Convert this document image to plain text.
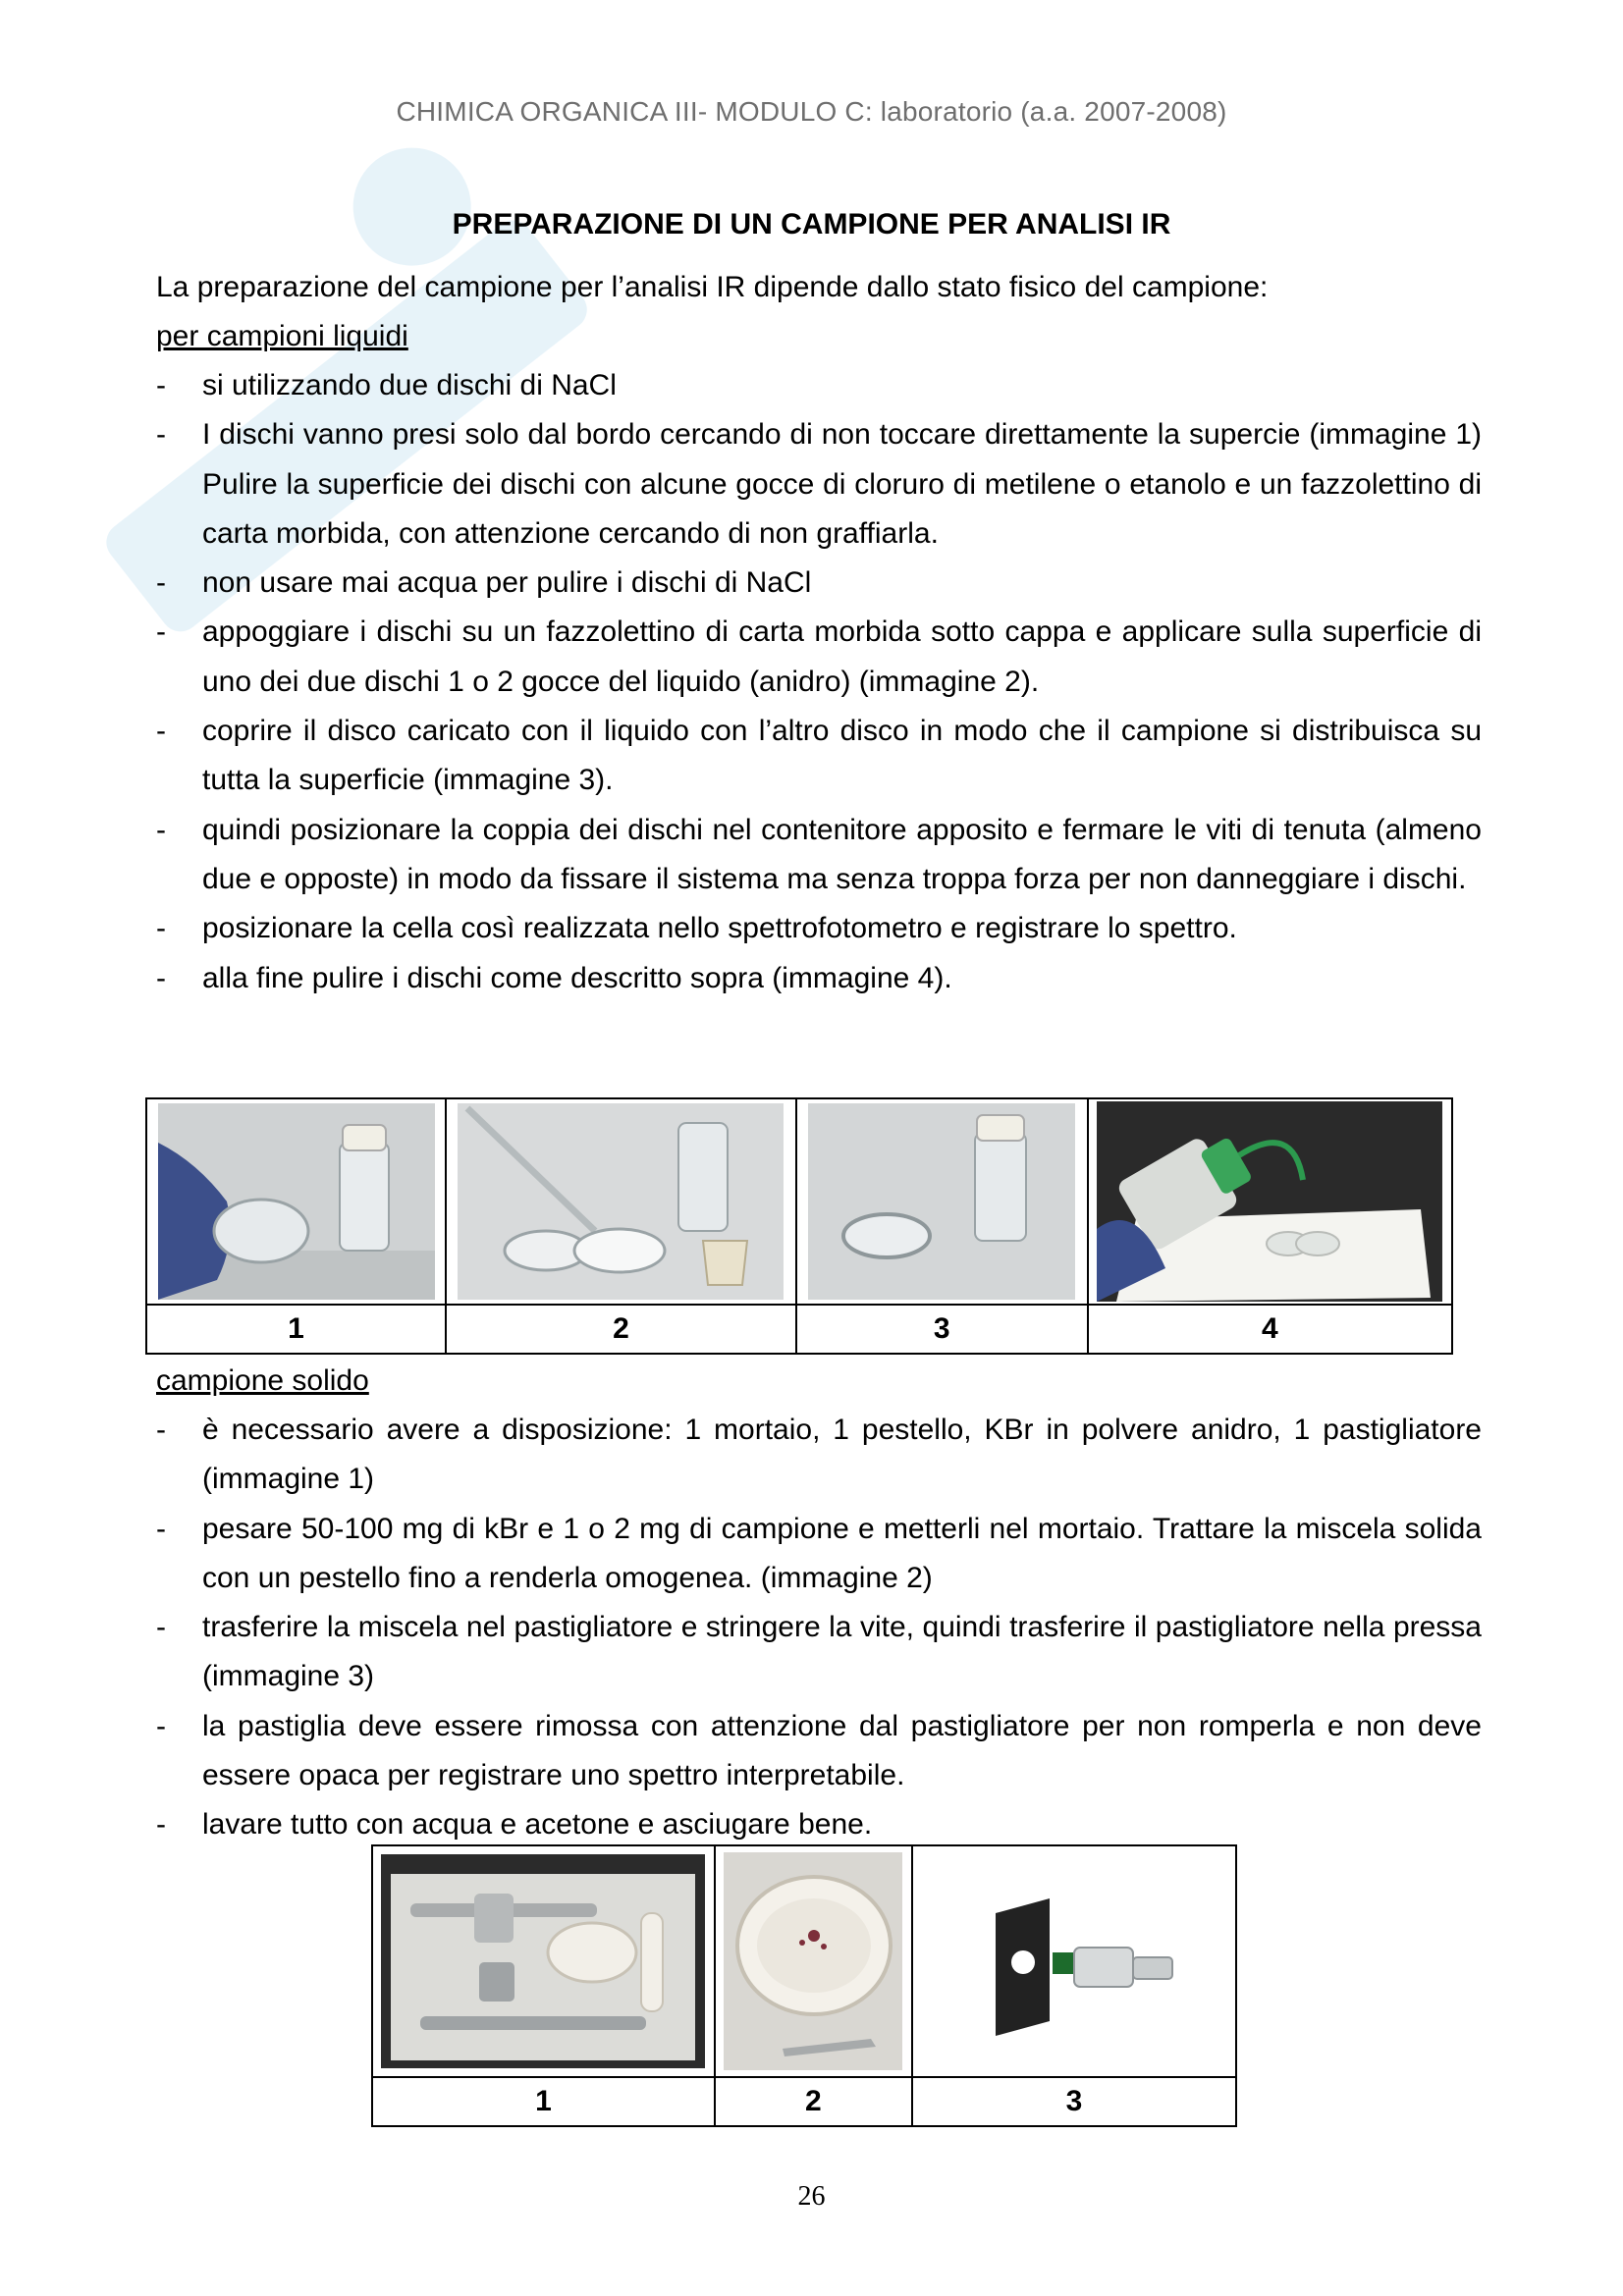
CHIMICA ORGANICA III- MODULO C: laboratorio (a.a. 2007-2008)
PREPARAZIONE DI UN CAMPIONE PER ANALISI IR

La preparazione del campione per l’analisi IR dipende dallo stato fisico del campione:

per campioni liquidi

- si utilizzando due dischi di NaCl
- I dischi vanno presi solo dal bordo cercando di non toccare direttamente la supercie (immagine 1) Pulire la superficie dei dischi con alcune gocce di cloruro di metilene o etanolo e un fazzolettino di carta morbida, con attenzione cercando di non graffiarla.
- non usare mai acqua per pulire i dischi di NaCl
- appoggiare i dischi su un fazzolettino di carta morbida sotto cappa e applicare sulla superficie di uno dei due dischi 1 o 2 gocce del liquido (anidro) (immagine 2).
- coprire il disco caricato con il liquido con l’altro disco in modo che il campione si distribuisca su tutta la superficie (immagine 3).
- quindi posizionare la coppia dei dischi nel contenitore apposito e fermare le viti di tenuta (almeno due e opposte) in modo da fissare il sistema ma senza troppa forza per non danneggiare i dischi.
- posizionare la cella così realizzata nello spettrofotometro e registrare lo spettro.
- alla fine pulire i dischi come descritto sopra (immagine 4).

1	2	3	4

campione solido

- è necessario avere a disposizione: 1 mortaio, 1 pestello, KBr in polvere anidro, 1 pastigliatore (immagine 1)
- pesare 50-100 mg di kBr e 1 o 2 mg di campione e metterli nel mortaio. Trattare la miscela solida con un pestello fino a renderla omogenea. (immagine 2)
- trasferire la miscela nel pastigliatore e stringere la vite, quindi trasferire il pastigliatore nella pressa (immagine 3)
- la pastiglia deve essere rimossa con attenzione dal pastigliatore per non romperla e non deve essere opaca per registrare uno spettro interpretabile.
- lavare tutto con acqua e acetone e asciugare bene.

1	2	3
26
